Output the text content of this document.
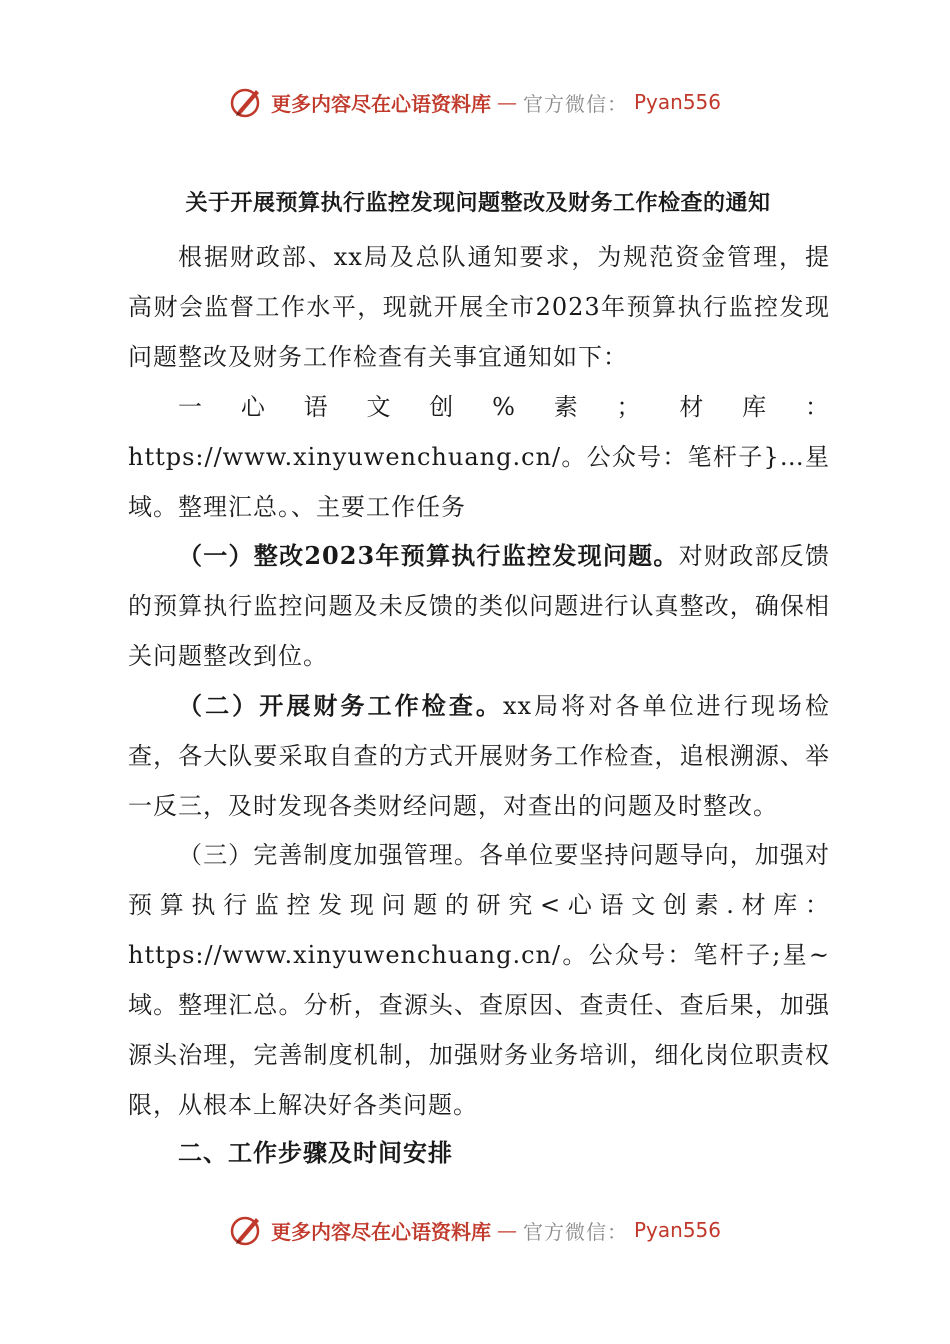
更多内容尽在心语资料库 — 官方微信： Pyan556
关于开展预算执行监控发现问题整改及财务工作检查的通知

根据财政部、xx局及总队通知要求，为规范资金管理，提高财会监督工作水平，现就开展全市2023年预算执行监控发现问题整改及财务工作检查有关事宜通知如下：

一心语文创%素；材库：https://www.xinyuwenchuang.cn/。公众号：笔杆子}…星域。整理汇总。、主要工作任务

（一）整改2023年预算执行监控发现问题。对财政部反馈的预算执行监控问题及未反馈的类似问题进行认真整改，确保相关问题整改到位。

（二）开展财务工作检查。xx局将对各单位进行现场检查，各大队要采取自查的方式开展财务工作检查，追根溯源、举一反三，及时发现各类财经问题，对查出的问题及时整改。

（三）完善制度加强管理。各单位要坚持问题导向，加强对预算执行监控发现问题的研究<心语文创素.材库：https://www.xinyuwenchuang.cn/。公众号：笔杆子;星~域。整理汇总。分析，查源头、查原因、查责任、查后果，加强源头治理，完善制度机制，加强财务业务培训，细化岗位职责权限，从根本上解决好各类问题。

二、工作步骤及时间安排

更多内容尽在心语资料库 — 官方微信： Pyan556
